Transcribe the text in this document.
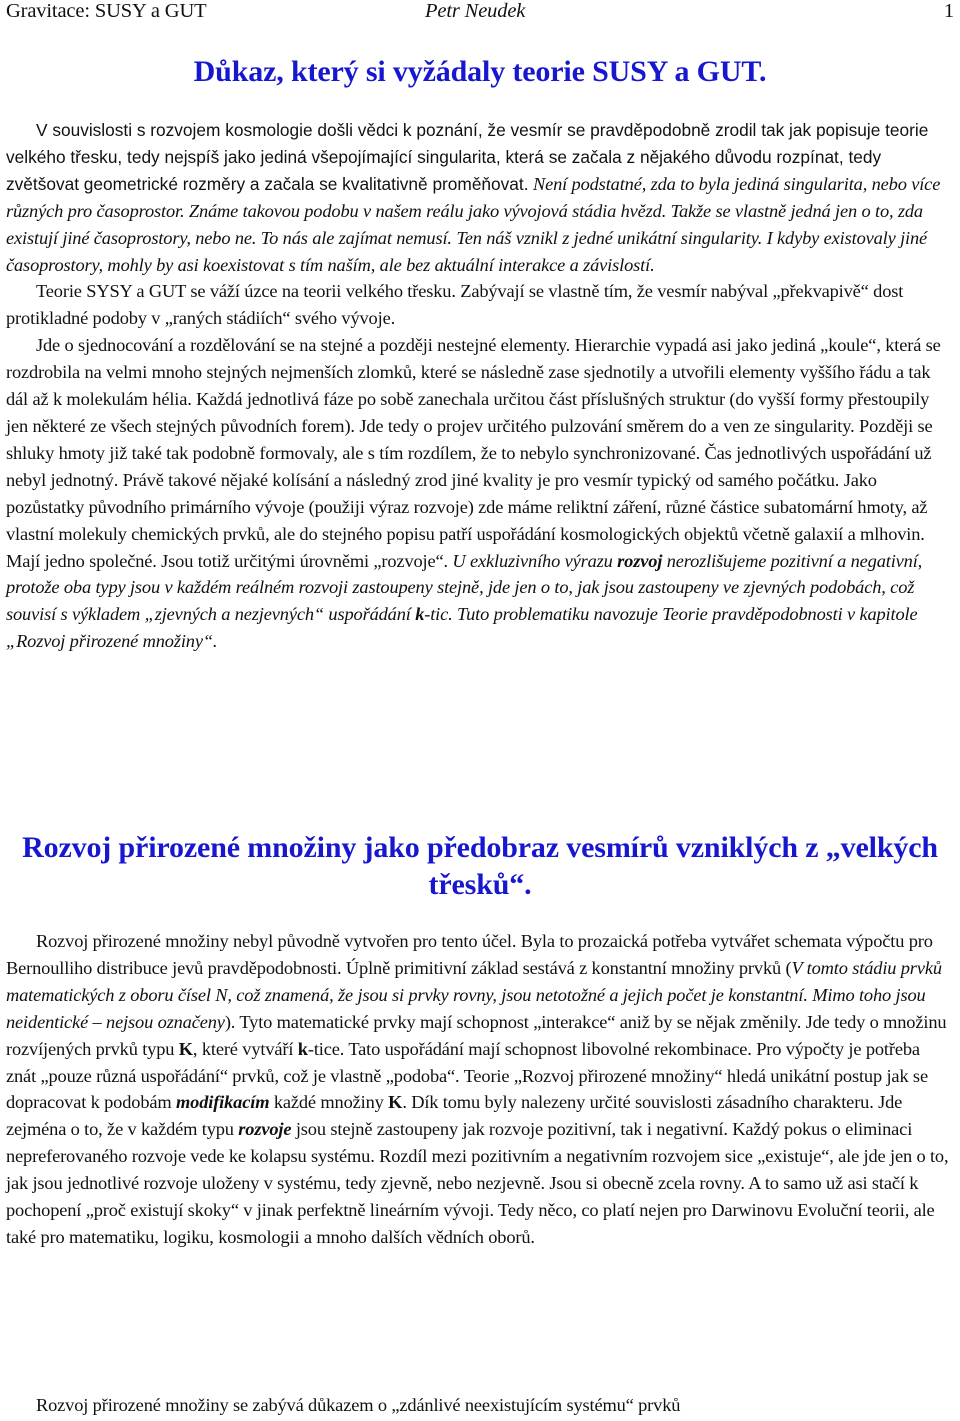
Gravitace: SUSY a GUT	Petr Neudek	1
Důkaz, který si vyžádaly teorie SUSY a GUT.

V souvislosti s rozvojem kosmologie došli vědci k poznání, že vesmír se pravděpodobně zrodil tak jak popisuje teorie velkého třesku, tedy nejspíš jako jediná všepojímající singularita, která se začala z nějakého důvodu rozpínat, tedy zvětšovat geometrické rozměry a začala se kvalitativně proměňovat. Není podstatné, zda to byla jediná singularita, nebo více různých pro časoprostor. Známe takovou podobu v našem reálu jako vývojová stádia hvězd. Takže se vlastně jedná jen o to, zda existují jiné časoprostory, nebo ne. To nás ale zajímat nemusí. Ten náš vznikl z jedné unikátní singularity. I kdyby existovaly jiné časoprostory, mohly by asi koexistovat s tím naším, ale bez aktuální interakce a závislostí.

Teorie SYSY a GUT se váží úzce na teorii velkého třesku. Zabývají se vlastně tím, že vesmír nabýval „překvapivě“ dost protikladné podoby v „raných stádiích“ svého vývoje.

Jde o sjednocování a rozdělování se na stejné a později nestejné elementy. Hierarchie vypadá asi jako jediná „koule“, která se rozdrobila na velmi mnoho stejných nejmenších zlomků, které se následně zase sjednotily a utvořili elementy vyššího řádu a tak dál až k molekulám hélia. Každá jednotlivá fáze po sobě zanechala určitou část příslušných struktur (do vyšší formy přestoupily jen některé ze všech stejných původních forem). Jde tedy o projev určitého pulzování směrem do a ven ze singularity. Později se shluky hmoty již také tak podobně formovaly, ale s tím rozdílem, že to nebylo synchronizované. Čas jednotlivých uspořádání už nebyl jednotný. Právě takové nějaké kolísání a následný zrod jiné kvality je pro vesmír typický od samého počátku. Jako pozůstatky původního primárního vývoje (použiji výraz rozvoje) zde máme reliktní záření, různé částice subatomární hmoty, až vlastní molekuly chemických prvků, ale do stejného popisu patří uspořádání kosmologických objektů včetně galaxií a mlhovin. Mají jedno společné. Jsou totiž určitými úrovněmi „rozvoje“. U exkluzivního výrazu rozvoj nerozlišujeme pozitivní a negativní, protože oba typy jsou v každém reálném rozvoji zastoupeny stejně, jde jen o to, jak jsou zastoupeny ve zjevných podobách, což souvisí s výkladem „zjevných a nezjevných“ uspořádání k-tic. Tuto problematiku navozuje Teorie pravděpodobnosti v kapitole „Rozvoj přirozené množiny“.

Rozvoj přirozené množiny jako předobraz vesmírů vzniklých z „velkých třesků“.

Rozvoj přirozené množiny nebyl původně vytvořen pro tento účel. Byla to prozaická potřeba vytvářet schemata výpočtu pro Bernoulliho distribuce jevů pravděpodobnosti. Úplně primitivní základ sestává z konstantní množiny prvků (V tomto stádiu prvků matematických z oboru čísel N, což znamená, že jsou si prvky rovny, jsou netotožné a jejich počet je konstantní. Mimo toho jsou neidentické – nejsou označeny). Tyto matematické prvky mají schopnost „interakce“ aniž by se nějak změnily. Jde tedy o množinu rozvíjených prvků typu K, které vytváří k-tice. Tato uspořádání mají schopnost libovolné rekombinace. Pro výpočty je potřeba znát „pouze různá uspořádání“ prvků, což je vlastně „podoba“. Teorie „Rozvoj přirozené množiny“ hledá unikátní postup jak se dopracovat k podobám modifikacím každé množiny K. Dík tomu byly nalezeny určité souvislosti zásadního charakteru. Jde zejména o to, že v každém typu rozvoje jsou stejně zastoupeny jak rozvoje pozitivní, tak i negativní. Každý pokus o eliminaci nepreferovaného rozvoje vede ke kolapsu systému. Rozdíl mezi pozitivním a negativním rozvojem sice „existuje“, ale jde jen o to, jak jsou jednotlivé rozvoje uloženy v systému, tedy zjevně, nebo nezjevně. Jsou si obecně zcela rovny. A to samo už asi stačí k pochopení „proč existují skoky“ v jinak perfektně lineárním vývoji. Tedy něco, co platí nejen pro Darwinovu Evoluční teorii, ale také pro matematiku, logiku, kosmologii a mnoho dalších vědních oborů.

Rozvoj přirozené množiny se zabývá důkazem o „zdánlivé neexistujícím systému“ prvků
